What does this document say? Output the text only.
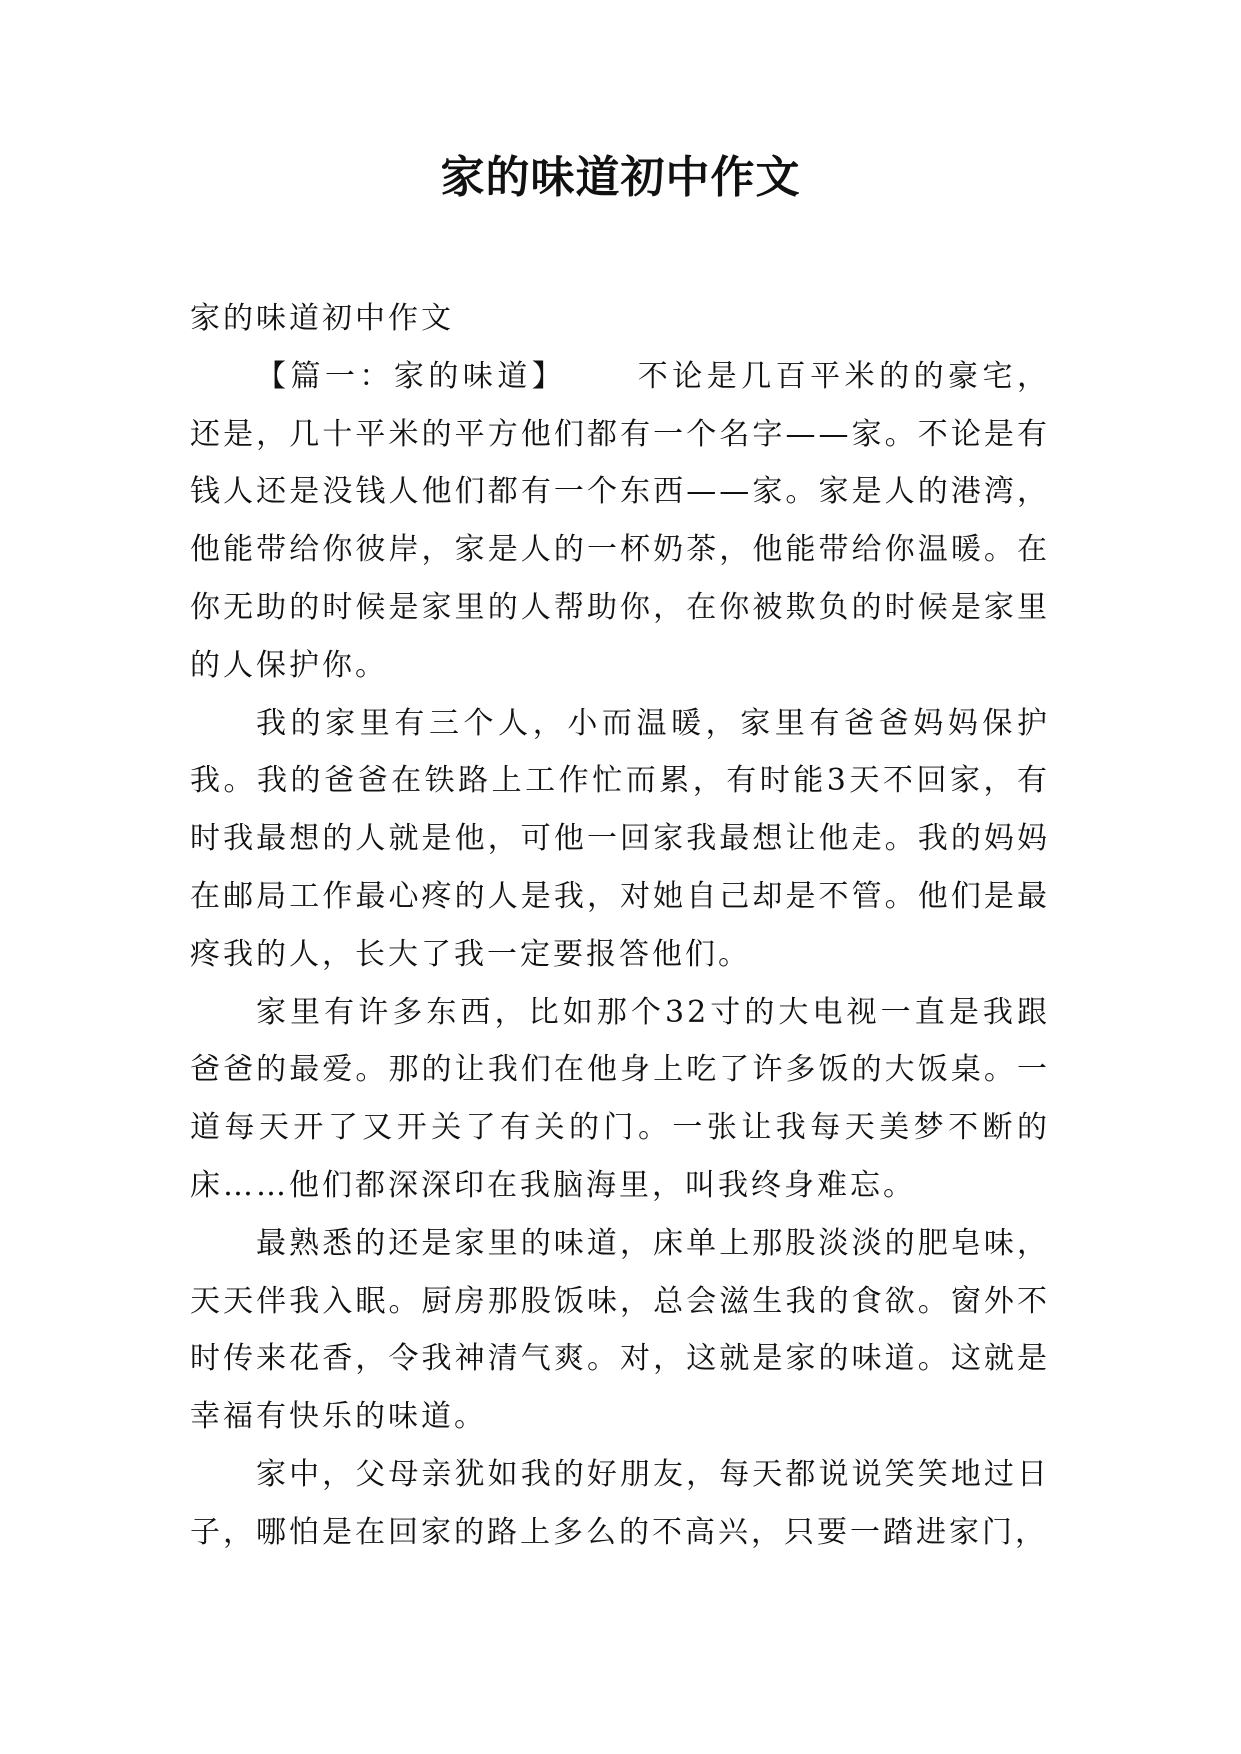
家的味道初中作文

家的味道初中作文

【篇一：家的味道】 不论是几百平米的的豪宅，还是，几十平米的平方他们都有一个名字——家。不论是有钱人还是没钱人他们都有一个东西——家。家是人的港湾，他能带给你彼岸，家是人的一杯奶茶，他能带给你温暖。在你无助的时候是家里的人帮助你，在你被欺负的时候是家里的人保护你。

我的家里有三个人，小而温暖，家里有爸爸妈妈保护我。我的爸爸在铁路上工作忙而累，有时能3天不回家，有时我最想的人就是他，可他一回家我最想让他走。我的妈妈在邮局工作最心疼的人是我，对她自己却是不管。他们是最疼我的人，长大了我一定要报答他们。

家里有许多东西，比如那个32寸的大电视一直是我跟爸爸的最爱。那的让我们在他身上吃了许多饭的大饭桌。一道每天开了又开关了有关的门。一张让我每天美梦不断的床……他们都深深印在我脑海里，叫我终身难忘。

最熟悉的还是家里的味道，床单上那股淡淡的肥皂味，天天伴我入眠。厨房那股饭味，总会滋生我的食欲。窗外不时传来花香，令我神清气爽。对，这就是家的味道。这就是幸福有快乐的味道。

家中，父母亲犹如我的好朋友，每天都说说笑笑地过日子，哪怕是在回家的路上多么的不高兴，只要一踏进家门，
